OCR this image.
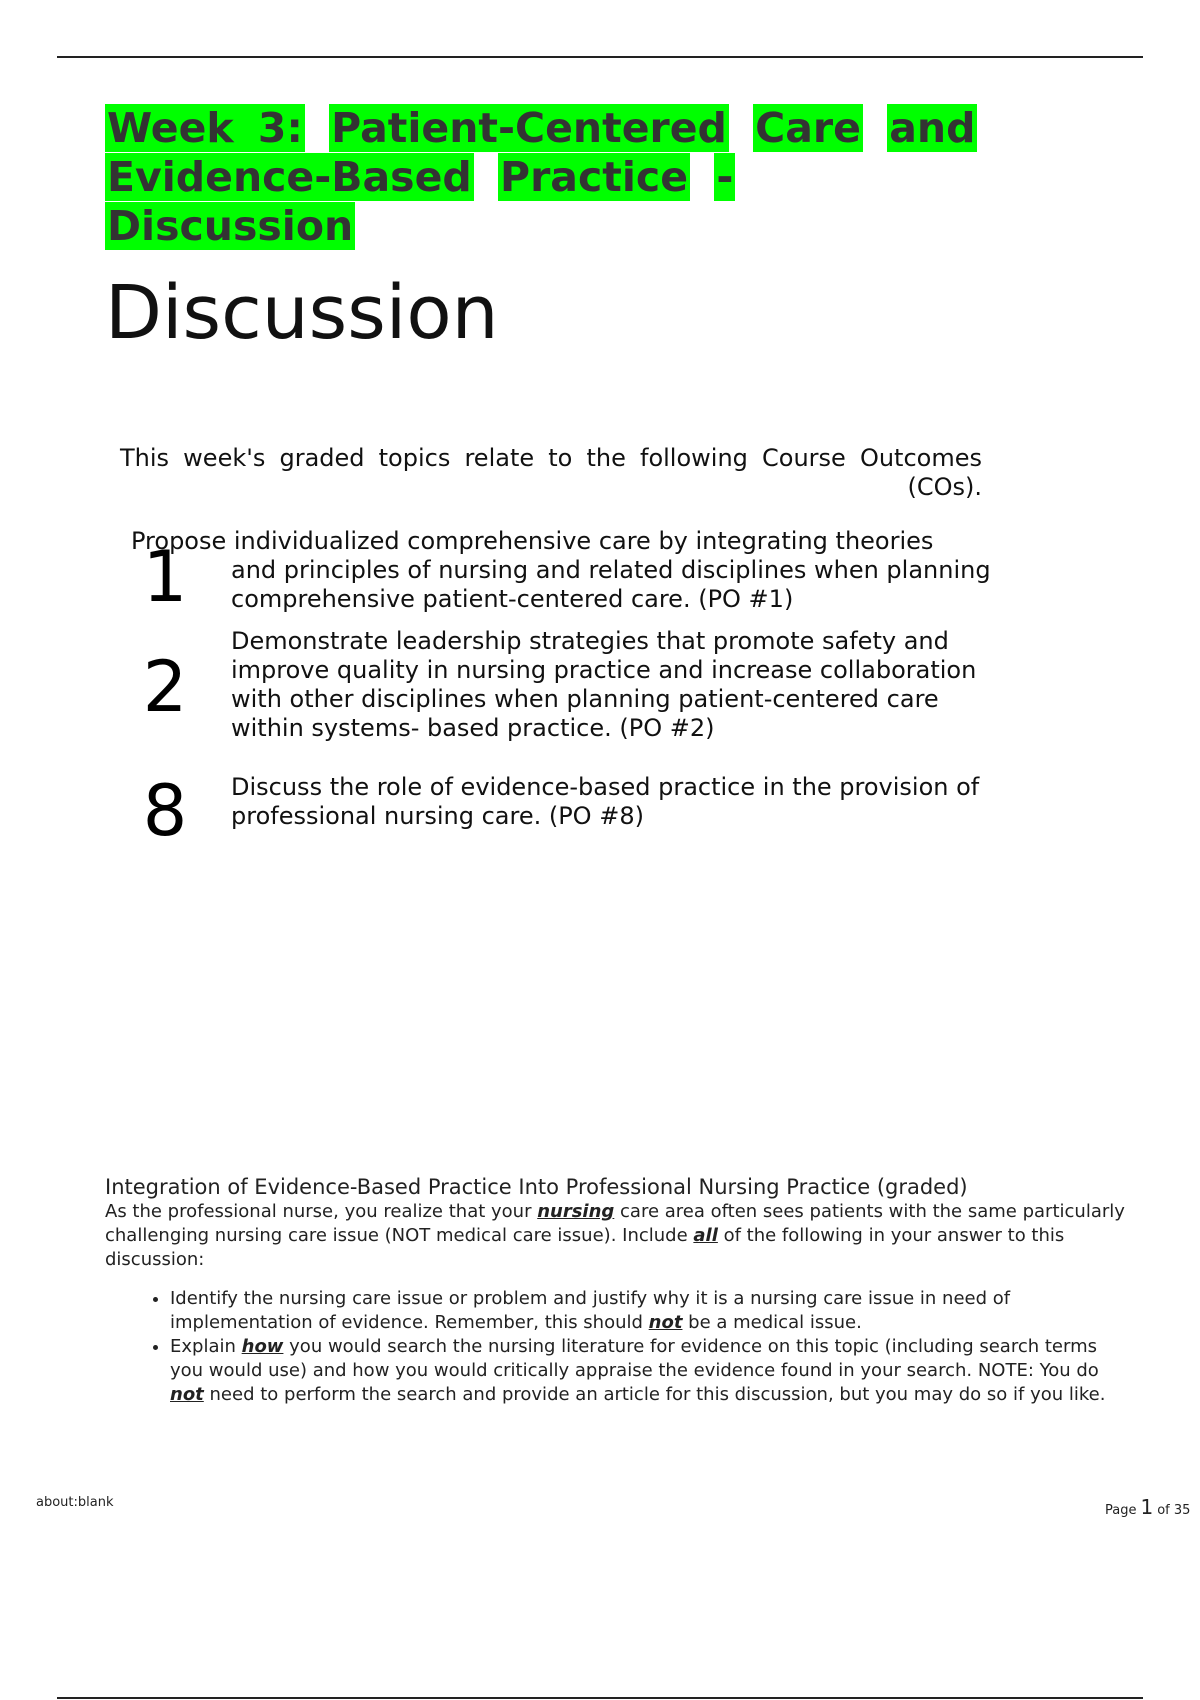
Week 3: Patient-Centered Care and
Evidence-Based Practice - Discussion
Discussion

This week's graded topics relate to the following Course Outcomes (COs).

1

Propose individualized comprehensive care by integrating theories
and principles of nursing and related disciplines when planning comprehensive patient-centered care. (PO #1)

2

Demonstrate leadership strategies that promote safety and improve quality in nursing practice and increase collaboration with other disciplines when planning patient-centered care within systems- based practice. (PO #2)

8	Discuss the role of evidence-based practice in the provision of professional nursing care. (PO #8)

Integration of Evidence-Based Practice Into Professional Nursing Practice (graded)

As the professional nurse, you realize that your nursing care area often sees patients with the same particularly challenging nursing care issue (NOT medical care issue). Include all of the following in your answer to this discussion:

• Identify the nursing care issue or problem and justify why it is a nursing care issue in need of implementation of evidence. Remember, this should not be a medical issue.
• Explain how you would search the nursing literature for evidence on this topic (including search terms you would use) and how you would critically appraise the evidence found in your search. NOTE: You do not need to perform the search and provide an article for this discussion, but you may do so if you like.
about:blank
Page 1 of 35
